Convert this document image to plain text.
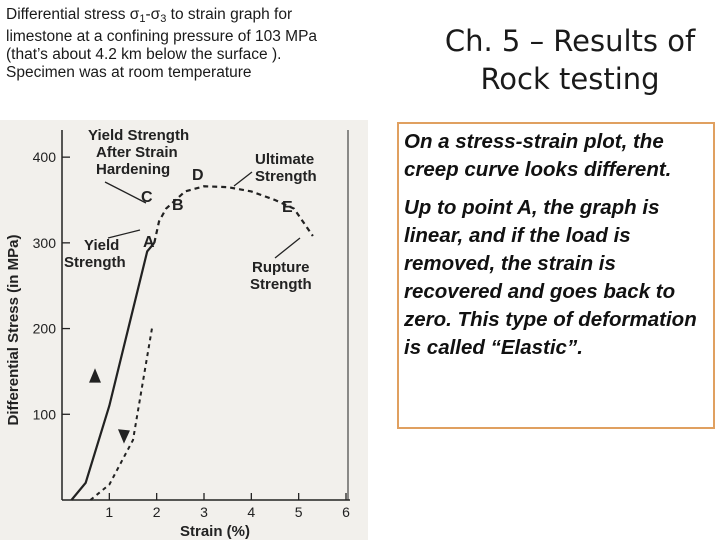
Differential stress $\sigma_1-\sigma_3$ to strain graph for limestone at a confining pressure of 103 MPa (that’s about 4.2 km below the surface ). Specimen was at room temperature
Ch. 5 – Results of
Rock testing
1	2	3	4	5	6
100
200
300
400
Differential Stress (in MPa)
Strain (%)
Yield Strength After Strain Hardening
Ultimate Strength
Yield Strength	Rupture Strength
A
B
C
D
E

On a stress-strain plot, the creep curve looks different.

Up to point A, the graph is linear, and if the load is removed, the strain is recovered and goes back to zero. This type of deformation is called “Elastic”.
